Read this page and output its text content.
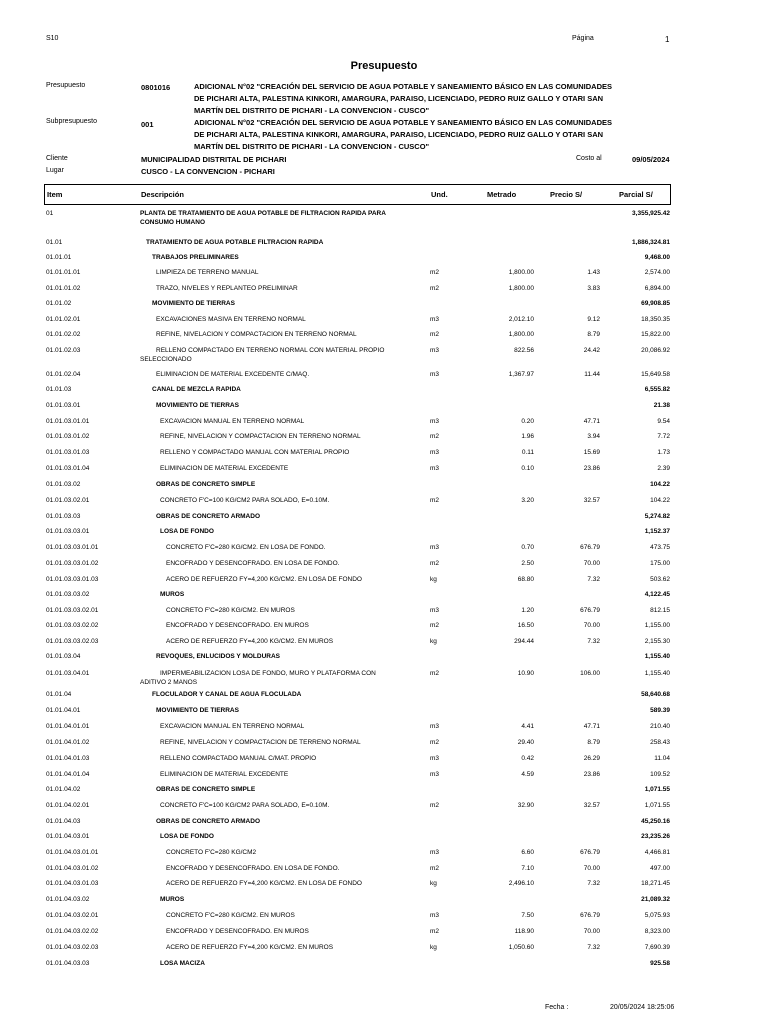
S10	Página	1
Presupuesto
Presupuesto	0801016	ADICIONAL N°02 "CREACIÓN DEL SERVICIO DE AGUA POTABLE Y SANEAMIENTO BÁSICO EN LAS COMUNIDADES
DE PICHARI ALTA, PALESTINA KINKORI, AMARGURA, PARAISO, LICENCIADO, PEDRO RUIZ GALLO Y OTARI SAN
MARTÍN DEL DISTRITO DE PICHARI - LA CONVENCION - CUSCO"
Subpresupuesto	001	ADICIONAL N°02 "CREACIÓN DEL SERVICIO DE AGUA POTABLE Y SANEAMIENTO BÁSICO EN LAS COMUNIDADES
DE PICHARI ALTA, PALESTINA KINKORI, AMARGURA, PARAISO, LICENCIADO, PEDRO RUIZ GALLO Y OTARI SAN
MARTÍN DEL DISTRITO DE PICHARI - LA CONVENCION - CUSCO"
Cliente	MUNICIPALIDAD DISTRITAL DE PICHARI	Costo al	09/05/2024
Lugar	CUSCO - LA CONVENCION - PICHARI
Item	Descripción	Und.	Metrado	Precio S/	Parcial S/
01	PLANTA DE TRATAMIENTO DE AGUA POTABLE DE FILTRACION RAPIDA PARA
CONSUMO HUMANO
3,355,925.42
01.01	TRATAMIENTO DE AGUA POTABLE FILTRACION RAPIDA	1,886,324.81
01.01.01	TRABAJOS PRELIMINARES	9,468.00
01.01.01.01	LIMPIEZA DE TERRENO MANUAL	m2	1,800.00	1.43	2,574.00
01.01.01.02	TRAZO, NIVELES Y REPLANTEO PRELIMINAR	m2	1,800.00	3.83	6,894.00
01.01.02	MOVIMIENTO DE TIERRAS	69,908.85
01.01.02.01	EXCAVACIONES MASIVA EN TERRENO NORMAL	m3	2,012.10	9.12	18,350.35
01.01.02.02	REFINE, NIVELACION Y COMPACTACION EN TERRENO NORMAL	m2	1,800.00	8.79	15,822.00
01.01.02.03	RELLENO COMPACTADO EN TERRENO NORMAL CON MATERIAL PROPIO
SELECCIONADO
m3	822.56	24.42	20,086.92
01.01.02.04	ELIMINACION DE MATERIAL EXCEDENTE C/MAQ.	m3	1,367.97	11.44	15,649.58
01.01.03	CANAL DE MEZCLA RAPIDA	6,555.82
01.01.03.01	MOVIMIENTO DE TIERRAS	21.38
01.01.03.01.01	EXCAVACION MANUAL EN TERRENO NORMAL	m3	0.20	47.71	9.54
01.01.03.01.02	REFINE, NIVELACION Y COMPACTACION EN TERRENO NORMAL	m2	1.96	3.94	7.72
01.01.03.01.03	RELLENO Y COMPACTADO MANUAL CON MATERIAL PROPIO	m3	0.11	15.69	1.73
01.01.03.01.04	ELIMINACION DE MATERIAL EXCEDENTE	m3	0.10	23.86	2.39
01.01.03.02	OBRAS DE CONCRETO SIMPLE	104.22
01.01.03.02.01	CONCRETO F'C=100 KG/CM2 PARA SOLADO, E=0.10M.	m2	3.20	32.57	104.22
01.01.03.03	OBRAS DE CONCRETO ARMADO	5,274.82
01.01.03.03.01	LOSA DE FONDO	1,152.37
01.01.03.03.01.01	CONCRETO F'C=280 KG/CM2. EN LOSA DE FONDO.	m3	0.70	676.79	473.75
01.01.03.03.01.02	ENCOFRADO Y DESENCOFRADO. EN LOSA DE FONDO.	m2	2.50	70.00	175.00
01.01.03.03.01.03	ACERO DE REFUERZO FY=4,200 KG/CM2. EN LOSA DE FONDO	kg	68.80	7.32	503.62
01.01.03.03.02	MUROS	4,122.45
01.01.03.03.02.01	CONCRETO F'C=280 KG/CM2. EN MUROS	m3	1.20	676.79	812.15
01.01.03.03.02.02	ENCOFRADO Y DESENCOFRADO. EN MUROS	m2	16.50	70.00	1,155.00
01.01.03.03.02.03	ACERO DE REFUERZO FY=4,200 KG/CM2. EN MUROS	kg	294.44	7.32	2,155.30
01.01.03.04	REVOQUES, ENLUCIDOS Y MOLDURAS	1,155.40
01.01.03.04.01	IMPERMEABILIZACION LOSA DE FONDO, MURO Y PLATAFORMA CON
ADITIVO 2 MANOS
m2	10.90	106.00	1,155.40
01.01.04	FLOCULADOR Y CANAL DE AGUA FLOCULADA	58,640.68
01.01.04.01	MOVIMIENTO DE TIERRAS	589.39
01.01.04.01.01	EXCAVACION MANUAL EN TERRENO NORMAL	m3	4.41	47.71	210.40
01.01.04.01.02	REFINE, NIVELACION Y COMPACTACION DE TERRENO NORMAL	m2	29.40	8.79	258.43
01.01.04.01.03	RELLENO COMPACTADO MANUAL C/MAT. PROPIO	m3	0.42	26.29	11.04
01.01.04.01.04	ELIMINACION DE MATERIAL EXCEDENTE	m3	4.59	23.86	109.52
01.01.04.02	OBRAS DE CONCRETO SIMPLE	1,071.55
01.01.04.02.01	CONCRETO F'C=100 KG/CM2 PARA SOLADO, E=0.10M.	m2	32.90	32.57	1,071.55
01.01.04.03	OBRAS DE CONCRETO ARMADO	45,250.16
01.01.04.03.01	LOSA DE FONDO	23,235.26
01.01.04.03.01.01	CONCRETO F'C=280 KG/CM2	m3	6.60	676.79	4,466.81
01.01.04.03.01.02	ENCOFRADO Y DESENCOFRADO. EN LOSA DE FONDO.	m2	7.10	70.00	497.00
01.01.04.03.01.03	ACERO DE REFUERZO FY=4,200 KG/CM2. EN LOSA DE FONDO	kg	2,496.10	7.32	18,271.45
01.01.04.03.02	MUROS	21,089.32
01.01.04.03.02.01	CONCRETO F'C=280 KG/CM2. EN MUROS	m3	7.50	676.79	5,075.93
01.01.04.03.02.02	ENCOFRADO Y DESENCOFRADO. EN MUROS	m2	118.90	70.00	8,323.00
01.01.04.03.02.03	ACERO DE REFUERZO FY=4,200 KG/CM2. EN MUROS	kg	1,050.60	7.32	7,690.39
01.01.04.03.03	LOSA MACIZA	925.58
Fecha :	20/05/2024 18:25:06
